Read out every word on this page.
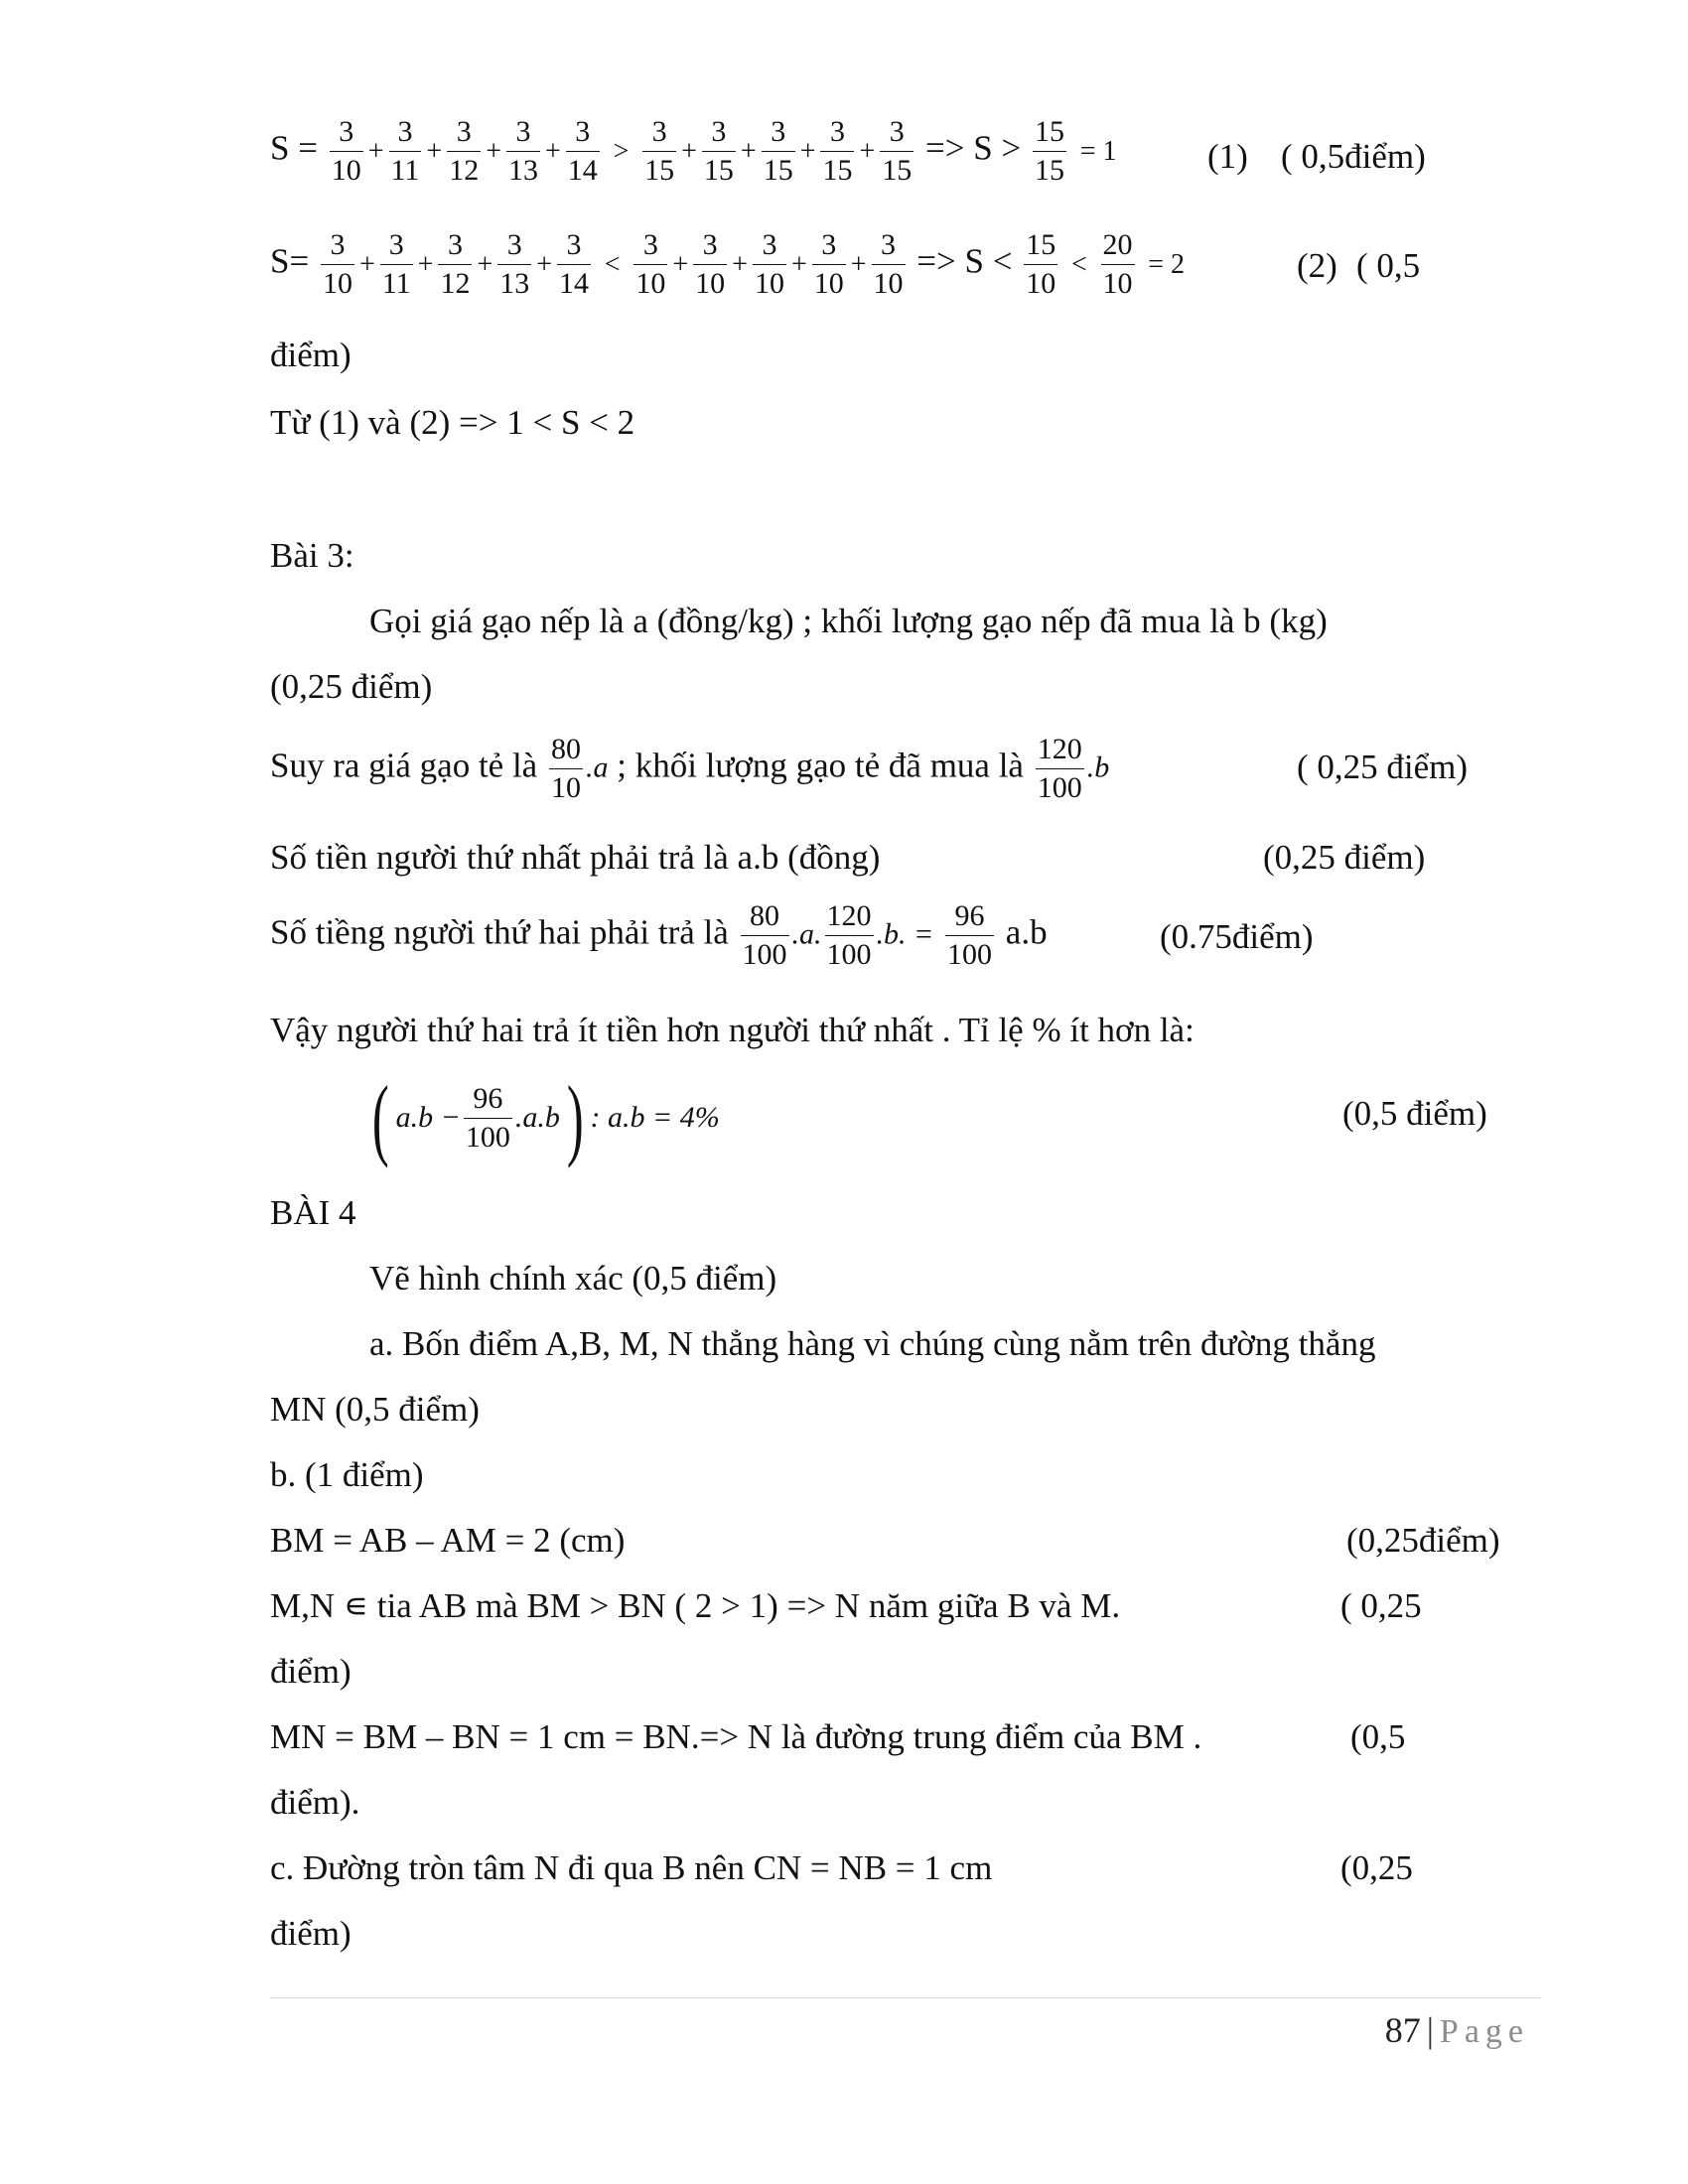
$S = \frac{3}{10} + \frac{3}{11} + \frac{3}{12} + \frac{3}{13} + \frac{3}{14} > \frac{3}{15} + \frac{3}{15} + \frac{3}{15} + \frac{3}{15} + \frac{3}{15} => S > \frac{15}{15} = 1$	(1) ( 0,5điểm)
$S= \frac{3}{10} + \frac{3}{11} + \frac{3}{12} + \frac{3}{13} + \frac{3}{14} < \frac{3}{10} + \frac{3}{10} + \frac{3}{10} + \frac{3}{10} + \frac{3}{10} => S < \frac{15}{10} < \frac{20}{10} = 2$	(2) ( 0,5
điểm)
Từ (1) và (2) => 1 < S < 2
Bài 3:
Gọi giá gạo nếp là a (đồng/kg) ; khối lượng gạo nếp đã mua là b (kg)
(0,25 điểm)
Suy ra giá gạo tẻ là $\frac{80}{10} .a$ ; khối lượng gạo tẻ đã mua là $\frac{120}{100} .b$	( 0,25 điểm)
Số tiền người thứ nhất phải trả là a.b (đồng)	(0,25 điểm)
Số tiềng người thứ hai phải trả là $\frac{80}{100} .a$. $\frac{120}{100} .b$. = $\frac{96}{100} a.b$	(0.75điểm)
Vậy người thứ hai trả ít tiền hơn người thứ nhất . Tỉ lệ % ít hơn là:
( $a.b - \frac{96}{100} .a.b$) : a.b = 4%	(0,5 điểm)
BÀI 4
Vẽ hình chính xác (0,5 điểm)
a. Bốn điểm A,B, M, N thẳng hàng vì chúng cùng nằm trên đường thẳng
MN (0,5 điểm)
b. (1 điểm)
BM = AB – AM = 2 (cm)	(0,25điểm)
M,N ∊ tia AB mà BM > BN ( 2 > 1) => N năm giữa B và M.	( 0,25
điểm)
MN = BM – BN = 1 cm = BN.=> N là đường trung điểm của BM .	(0,5
điểm).
c. Đường tròn tâm N đi qua B nên CN = NB = 1 cm	(0,25
điểm)
87 | Page
